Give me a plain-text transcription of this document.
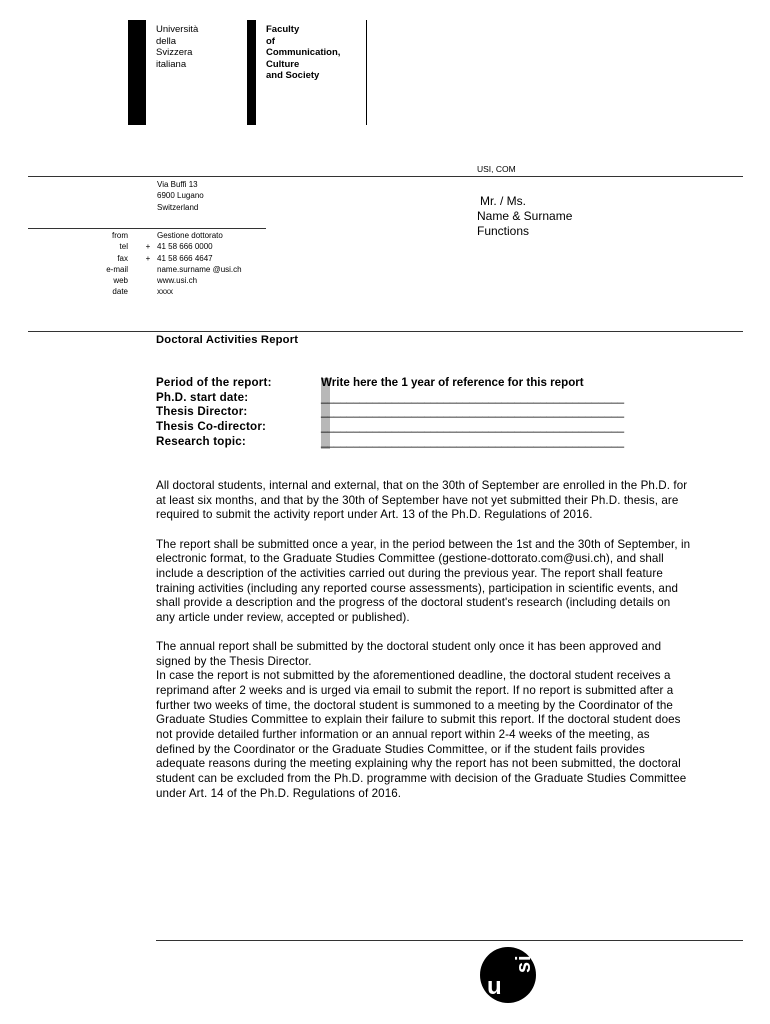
Università
della
Svizzera
italiana
Faculty
of
Communication,
Culture
and Society
USI, COM
Via Buffi 13
6900 Lugano
Switzerland
from
tel
fax
e-mail
web
date

+
+
Gestione dottorato
41 58 666 0000
41 58 666 4647
name.surname @usi.ch
www.usi.ch
xxxx
Mr. / Ms.
Name & Surname
Functions
Doctoral Activities Report
Period of the report:
Ph.D. start date:
Thesis Director:
Thesis Co-director:
Research topic:
Write here the 1 year of reference for this report
_______________________________________________
_______________________________________________
_______________________________________________
_______________________________________________

All doctoral students, internal and external, that on the 30th of September are enrolled in the Ph.D. for at least six months, and that by the 30th of September have not yet submitted their Ph.D. thesis, are required to submit the activity report under Art. 13 of the Ph.D. Regulations of 2016.

The report shall be submitted once a year, in the period between the 1st and the 30th of September, in electronic format, to the Graduate Studies Committee (gestione-dottorato.com@usi.ch), and shall include a description of the activities carried out during the previous year. The report shall feature training activities (including any reported course assessments), participation in scientific events, and shall provide a description and the progress of the doctoral student's research (including details on any article under review, accepted or published).

The annual report shall be submitted by the doctoral student only once it has been approved and signed by the Thesis Director.

In case the report is not submitted by the aforementioned deadline, the doctoral student receives a reprimand after 2 weeks and is urged via email to submit the report. If no report is submitted after a further two weeks of time, the doctoral student is summoned to a meeting by the Coordinator of the Graduate Studies Committee to explain their failure to submit this report. If the doctoral student does not provide detailed further information or an annual report within 2-4 weeks of the meeting, as defined by the Coordinator or the Graduate Studies Committee, or if the student fails provides adequate reasons during the meeting explaining why the report has not been submitted, the doctoral student can be excluded from the Ph.D. programme with decision of the Graduate Studies Committee under Art. 14 of the Ph.D. Regulations of 2016.

u
s
i
